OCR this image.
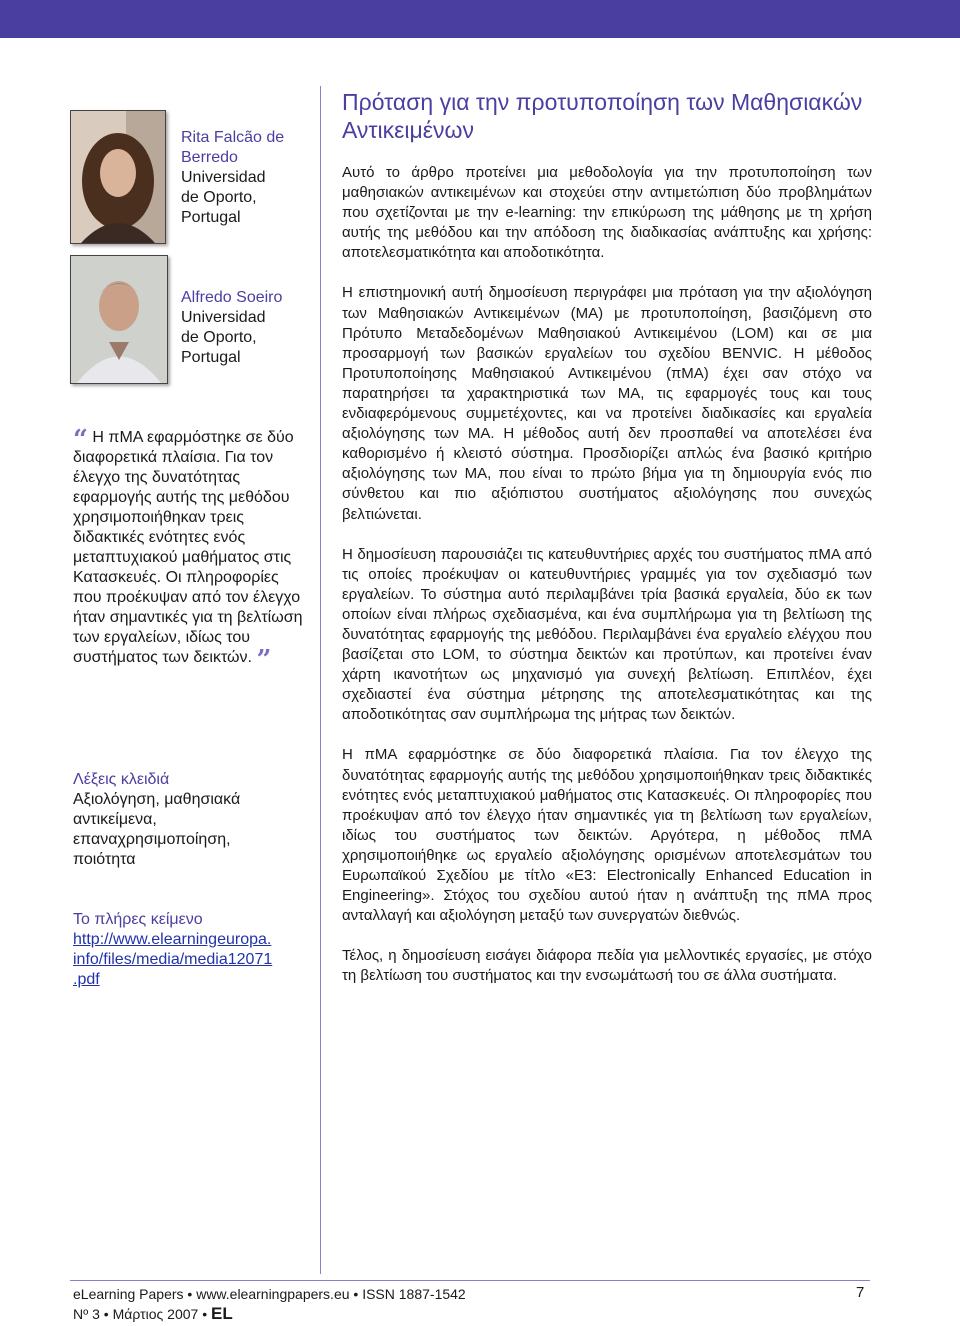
Rita Falcão de
Berredo
Universidad
de Oporto,
Portugal
Alfredo Soeiro
Universidad
de Oporto,
Portugal
“ Η πΜΑ εφαρμόστηκε σε δύο διαφορετικά πλαίσια. Για τον έλεγχο της δυνατότητας εφαρμογής αυτής της μεθόδου χρησιμοποιήθηκαν τρεις διδακτικές ενότητες ενός μεταπτυχιακού μαθήματος στις Κατασκευές. Οι πληροφορίες που προέκυψαν από τον έλεγχο ήταν σημαντικές για τη βελτίωση των εργαλείων, ιδίως του συστήματος των δεικτών. ”
Λέξεις κλειδιά
Αξιολόγηση, μαθησιακά
αντικείμενα,
επαναχρησιμοποίηση,
ποιότητα
Το πλήρες κείμενο
http://www.elearningeuropa.
info/files/media/media12071
.pdf
Πρόταση για την προτυποποίηση των Μαθησιακών Αντικειμένων

Αυτό το άρθρο προτείνει μια μεθοδολογία για την προτυποποίηση των μαθησιακών αντικειμένων και στοχεύει στην αντιμετώπιση δύο προβλημάτων που σχετίζονται με την e-learning: την επικύρωση της μάθησης με τη χρήση αυτής της μεθόδου και την απόδοση της διαδικασίας ανάπτυξης και χρήσης: αποτελεσματικότητα και αποδοτικότητα.

Η επιστημονική αυτή δημοσίευση περιγράφει μια πρόταση για την αξιολόγηση των Μαθησιακών Αντικειμένων (MA) με προτυποποίηση, βασιζόμενη στο Πρότυπο Μεταδεδομένων Μαθησιακού Αντικειμένου (LOM) και σε μια προσαρμογή των βασικών εργαλείων του σχεδίου BENVIC. Η μέθοδος Προτυποποίησης Μαθησιακού Αντικειμένου (πΜΑ) έχει σαν στόχο να παρατηρήσει τα χαρακτηριστικά των ΜΑ, τις εφαρμογές τους και τους ενδιαφερόμενους συμμετέχοντες, και να προτείνει διαδικασίες και εργαλεία αξιολόγησης των ΜΑ. Η μέθοδος αυτή δεν προσπαθεί να αποτελέσει ένα καθορισμένο ή κλειστό σύστημα. Προσδιορίζει απλώς ένα βασικό κριτήριο αξιολόγησης των ΜΑ, που είναι το πρώτο βήμα για τη δημιουργία ενός πιο σύνθετου και πιο αξιόπιστου συστήματος αξιολόγησης που συνεχώς βελτιώνεται.

Η δημοσίευση παρουσιάζει τις κατευθυντήριες αρχές του συστήματος πΜΑ από τις οποίες προέκυψαν οι κατευθυντήριες γραμμές για τον σχεδιασμό των εργαλείων. Το σύστημα αυτό περιλαμβάνει τρία βασικά εργαλεία, δύο εκ των οποίων είναι πλήρως σχεδιασμένα, και ένα συμπλήρωμα για τη βελτίωση της δυνατότητας εφαρμογής της μεθόδου. Περιλαμβάνει ένα εργαλείο ελέγχου που βασίζεται στο LOM, το σύστημα δεικτών και προτύπων, και προτείνει έναν χάρτη ικανοτήτων ως μηχανισμό για συνεχή βελτίωση. Επιπλέον, έχει σχεδιαστεί ένα σύστημα μέτρησης της αποτελεσματικότητας και της αποδοτικότητας σαν συμπλήρωμα της μήτρας των δεικτών.

Η πΜΑ εφαρμόστηκε σε δύο διαφορετικά πλαίσια. Για τον έλεγχο της δυνατότητας εφαρμογής αυτής της μεθόδου χρησιμοποιήθηκαν τρεις διδακτικές ενότητες ενός μεταπτυχιακού μαθήματος στις Κατασκευές. Οι πληροφορίες που προέκυψαν από τον έλεγχο ήταν σημαντικές για τη βελτίωση των εργαλείων, ιδίως του συστήματος των δεικτών. Αργότερα, η μέθοδος πΜΑ χρησιμοποιήθηκε ως εργαλείο αξιολόγησης ορισμένων αποτελεσμάτων του Ευρωπαϊκού Σχεδίου με τίτλο «E3: Electronically Enhanced Education in Engineering». Στόχος του σχεδίου αυτού ήταν η ανάπτυξη της πΜΑ προς ανταλλαγή και αξιολόγηση μεταξύ των συνεργατών διεθνώς.

Τέλος, η δημοσίευση εισάγει διάφορα πεδία για μελλοντικές εργασίες, με στόχο τη βελτίωση του συστήματος και την ενσωμάτωσή του σε άλλα συστήματα.

eLearning Papers • www.elearningpapers.eu • ISSN 1887-1542
Nº 3 • Μάρτιος 2007 • EL
7
